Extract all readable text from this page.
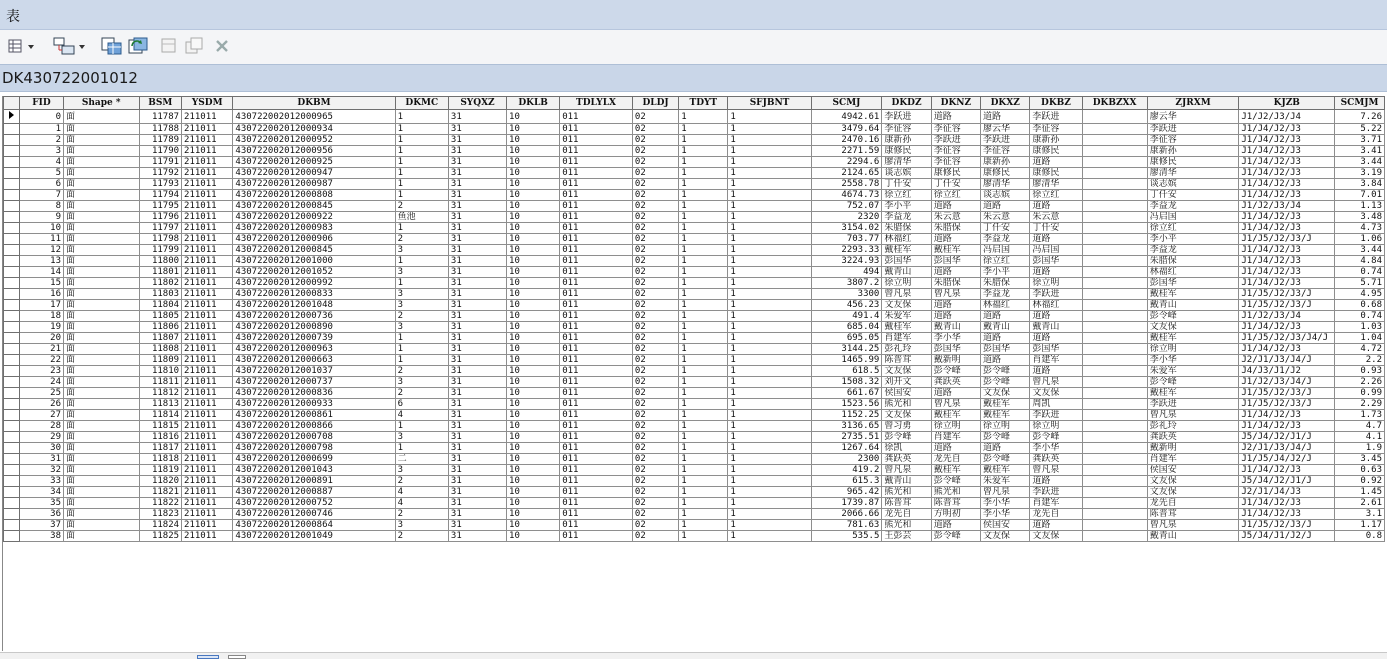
表
DK430722001012
	FID	Shape *	BSM	YSDM	DKBM	DKMC	SYQXZ	DKLB	TDLYLX	DLDJ	TDYT	SFJBNT	SCMJ	DKDZ	DKNZ	DKXZ	DKBZ	DKBZXX	ZJRXM	KJZB	SCMJM
	0	面	11787	211011	430722002012000965	1	31	10	011	02	1	1	4942.61	李跃进	道路	道路	李跃进		廖云华	J1/J2/J3/J4	7.26
	1	面	11788	211011	430722002012000934	1	31	10	011	02	1	1	3479.64	李征容	李征容	廖云华	李征容		李跃进	J1/J4/J2/J3	5.22
	2	面	11789	211011	430722002012000952	1	31	10	011	02	1	1	2470.16	康新孙	李跃进	李跃进	康新孙		李征容	J1/J4/J2/J3	3.71
	3	面	11790	211011	430722002012000956	1	31	10	011	02	1	1	2271.59	康修民	李征容	李征容	康修民		康新孙	J1/J4/J2/J3	3.41
	4	面	11791	211011	430722002012000925	1	31	10	011	02	1	1	2294.6	廖清华	李征容	康新孙	道路		康修民	J1/J4/J2/J3	3.44
	5	面	11792	211011	430722002012000947	1	31	10	011	02	1	1	2124.65	谈志嫔	康修民	康修民	康修民		廖清华	J1/J4/J2/J3	3.19
	6	面	11793	211011	430722002012000987	1	31	10	011	02	1	1	2558.78	丁仟安	丁仟安	廖清华	廖清华		谈志嫔	J1/J4/J2/J3	3.84
	7	面	11794	211011	430722002012000808	1	31	10	011	02	1	1	4674.73	徐立红	徐立红	谈志嫔	徐立红		丁仟安	J1/J4/J2/J3	7.01
	8	面	11795	211011	430722002012000845	2	31	10	011	02	1	1	752.07	李小平	道路	道路	道路		李益龙	J1/J2/J3/J4	1.13
	9	面	11796	211011	430722002012000922	鱼池	31	10	011	02	1	1	2320	李益龙	朱云意	朱云意	朱云意		冯启国	J1/J4/J2/J3	3.48
	10	面	11797	211011	430722002012000983	1	31	10	011	02	1	1	3154.02	朱腊保	朱腊保	丁仟安	丁仟安		徐立红	J1/J4/J2/J3	4.73
	11	面	11798	211011	430722002012000906	2	31	10	011	02	1	1	703.77	林福红	道路	李益龙	道路		李小平	J1/J5/J2/J3/J	1.06
	12	面	11799	211011	430722002012000845	3	31	10	011	02	1	1	2293.33	戴桂军	戴桂军	冯启国	冯启国		李益龙	J1/J4/J2/J3	3.44
	13	面	11800	211011	430722002012001000	1	31	10	011	02	1	1	3224.93	彭国华	彭国华	徐立红	彭国华		朱腊保	J1/J4/J2/J3	4.84
	14	面	11801	211011	430722002012001052	3	31	10	011	02	1	1	494	戴青山	道路	李小平	道路		林福红	J1/J4/J2/J3	0.74
	15	面	11802	211011	430722002012000992	1	31	10	011	02	1	1	3807.2	徐立明	朱腊保	朱腊保	徐立明		彭国华	J1/J4/J2/J3	5.71
	16	面	11803	211011	430722002012000833	3	31	10	011	02	1	1	3300	曾凡泉	曾凡泉	李益龙	李跃进		戴桂军	J1/J5/J2/J3/J	4.95
	17	面	11804	211011	430722002012001048	3	31	10	011	02	1	1	456.23	文友保	道路	林福红	林福红		戴青山	J1/J5/J2/J3/J	0.68
	18	面	11805	211011	430722002012000736	2	31	10	011	02	1	1	491.4	朱爱军	道路	道路	道路		彭令峰	J1/J2/J3/J4	0.74
	19	面	11806	211011	430722002012000890	3	31	10	011	02	1	1	685.04	戴桂军	戴青山	戴青山	戴青山		文友保	J1/J4/J2/J3	1.03
	20	面	11807	211011	430722002012000739	1	31	10	011	02	1	1	695.05	肖建军	李小华	道路	道路		戴桂军	J1/J5/J2/J3/J4/J	1.04
	21	面	11808	211011	430722002012000963	1	31	10	011	02	1	1	3144.25	彭礼玲	彭国华	彭国华	彭国华		徐立明	J1/J4/J2/J3	4.72
	22	面	11809	211011	430722002012000663	1	31	10	011	02	1	1	1465.99	陈普茸	戴新明	道路	肖建军		李小华	J2/J1/J3/J4/J	2.2
	23	面	11810	211011	430722002012001037	2	31	10	011	02	1	1	618.5	文友保	彭令峰	彭令峰	道路		朱爱军	J4/J3/J1/J2	0.93
	24	面	11811	211011	430722002012000737	3	31	10	011	02	1	1	1508.32	刘开文	龚跃英	彭令峰	曾凡泉		彭令峰	J1/J2/J3/J4/J	2.26
	25	面	11812	211011	430722002012000836	2	31	10	011	02	1	1	661.67	侯国安	道路	文友保	文友保		戴桂军	J1/J5/J2/J3/J	0.99
	26	面	11813	211011	430722002012000933	6	31	10	011	02	1	1	1523.56	熊光和	曾凡泉	戴桂军	周凯		李跃进	J1/J5/J2/J3/J	2.29
	27	面	11814	211011	430722002012000861	4	31	10	011	02	1	1	1152.25	文友保	戴桂军	戴桂军	李跃进		曾凡泉	J1/J4/J2/J3	1.73
	28	面	11815	211011	430722002012000866	1	31	10	011	02	1	1	3136.65	曾习勇	徐立明	徐立明	徐立明		彭礼玲	J1/J4/J2/J3	4.7
	29	面	11816	211011	430722002012000708	3	31	10	011	02	1	1	2735.51	彭令峰	肖建军	彭令峰	彭令峰		龚跃英	J5/J4/J2/J1/J	4.1
	30	面	11817	211011	430722002012000798	1	31	10	011	02	1	1	1267.64	徐凯	道路	道路	李小华		戴新明	J2/J1/J3/J4/J	1.9
	31	面	11818	211011	430722002012000699	二	31	10	011	02	1	1	2300	龚跃英	龙先自	彭令峰	龚跃英		肖建军	J1/J5/J4/J2/J	3.45
	32	面	11819	211011	430722002012001043	3	31	10	011	02	1	1	419.2	曾凡泉	戴桂军	戴桂军	曾凡泉		侯国安	J1/J4/J2/J3	0.63
	33	面	11820	211011	430722002012000891	2	31	10	011	02	1	1	615.3	戴青山	彭令峰	朱爱军	道路		文友保	J5/J4/J2/J1/J	0.92
	34	面	11821	211011	430722002012000887	4	31	10	011	02	1	1	965.42	熊光和	熊光和	曾凡泉	李跃进		文友保	J2/J1/J4/J3	1.45
	35	面	11822	211011	430722002012000752	4	31	10	011	02	1	1	1739.87	陈普茸	陈普茸	李小华	肖建军		龙先自	J1/J4/J2/J3	2.61
	36	面	11823	211011	430722002012000746	2	31	10	011	02	1	1	2066.66	龙先自	方明初	李小华	龙先自		陈普茸	J1/J4/J2/J3	3.1
	37	面	11824	211011	430722002012000864	3	31	10	011	02	1	1	781.63	熊光和	道路	侯国安	道路		曾凡泉	J1/J5/J2/J3/J	1.17
	38	面	11825	211011	430722002012001049	2	31	10	011	02	1	1	535.5	王彭芸	彭令峰	文友保	文友保		戴青山	J5/J4/J1/J2/J	0.8
